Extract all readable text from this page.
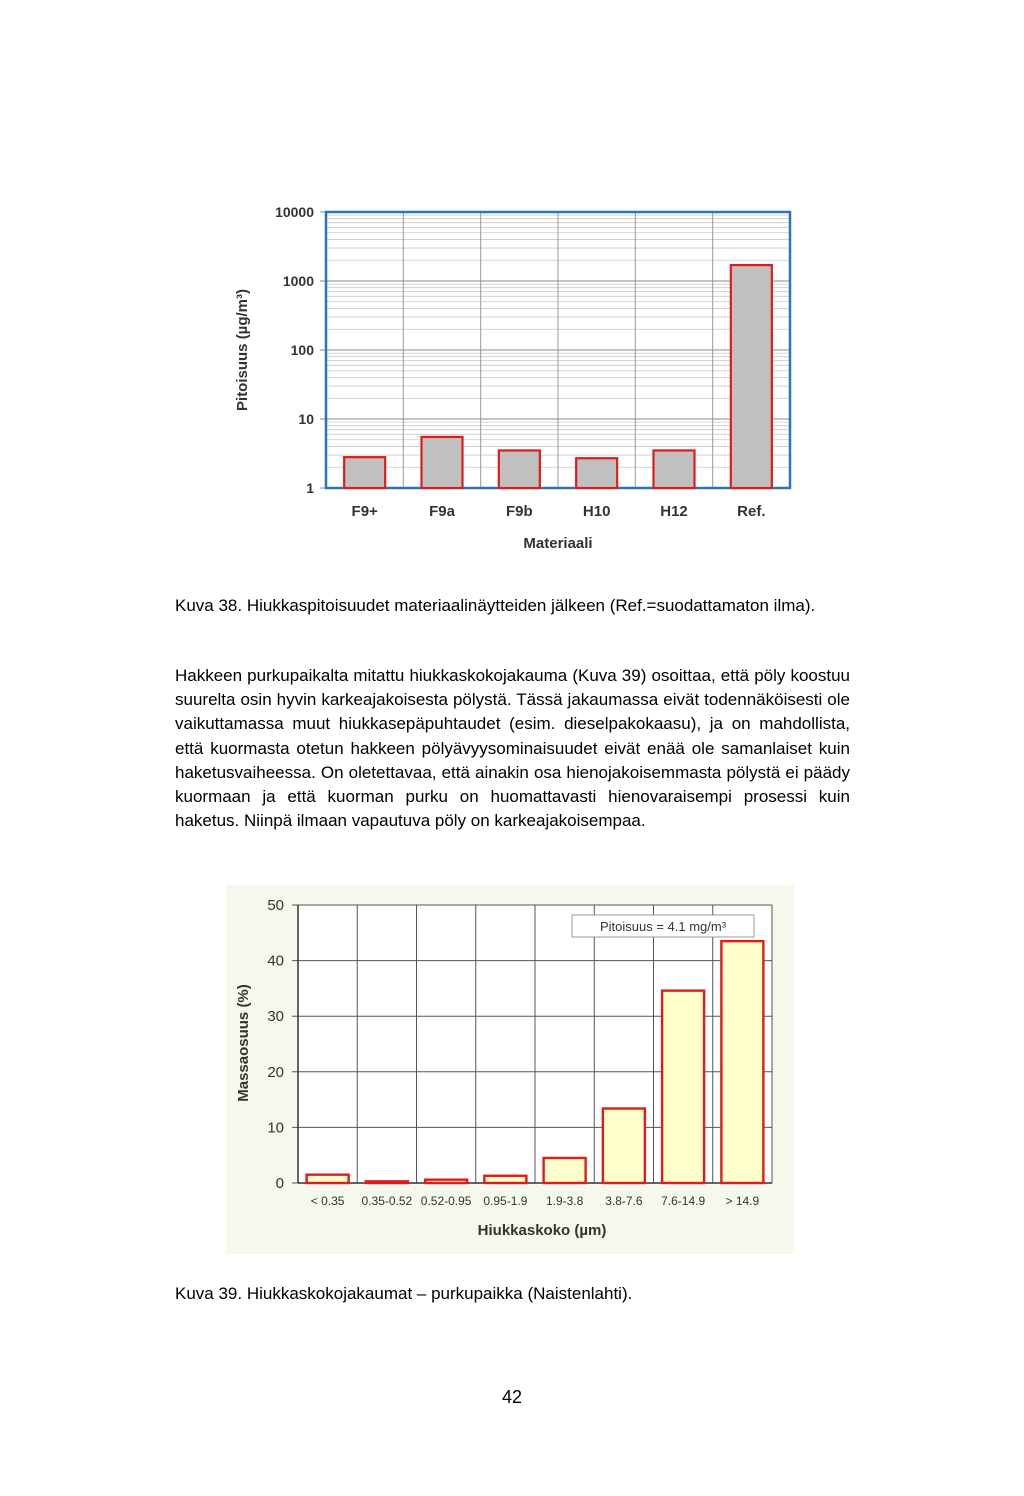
1
10
100
1000
10000
F9+	F9a	F9b	H10	H12	Ref.
Materiaali
Pitoisuus (µg/m³)
Kuva 38. Hiukkaspitoisuudet materiaalinäytteiden jälkeen (Ref.=suodattamaton ilma).
Hakkeen purkupaikalta mitattu hiukkaskokojakauma (Kuva 39) osoittaa, että pöly koostuu suurelta osin hyvin karkeajakoisesta pölystä. Tässä jakaumassa eivät todennäköisesti ole vaikuttamassa muut hiukkasepäpuhtaudet (esim. dieselpakokaasu), ja on mahdollista, että kuormasta otetun hakkeen pölyävyysominaisuudet eivät enää ole samanlaiset kuin haketusvaiheessa. On oletettavaa, että ainakin osa hienojakoisemmasta pölystä ei päädy kuormaan ja että kuorman purku on huomattavasti hienovaraisempi prosessi kuin haketus. Niinpä ilmaan vapautuva pöly on karkeajakoisempaa.
0
10
20
30
40
50
< 0.35 0.35-0.52 0.52-0.95 0.95-1.9 1.9-3.8 3.8-7.6 7.6-14.9 > 14.9
Pitoisuus = 4.1 mg/m³
Hiukkaskoko (µm)
Massaosuus (%)
Kuva 39. Hiukkaskokojakaumat – purkupaikka (Naistenlahti).
42
